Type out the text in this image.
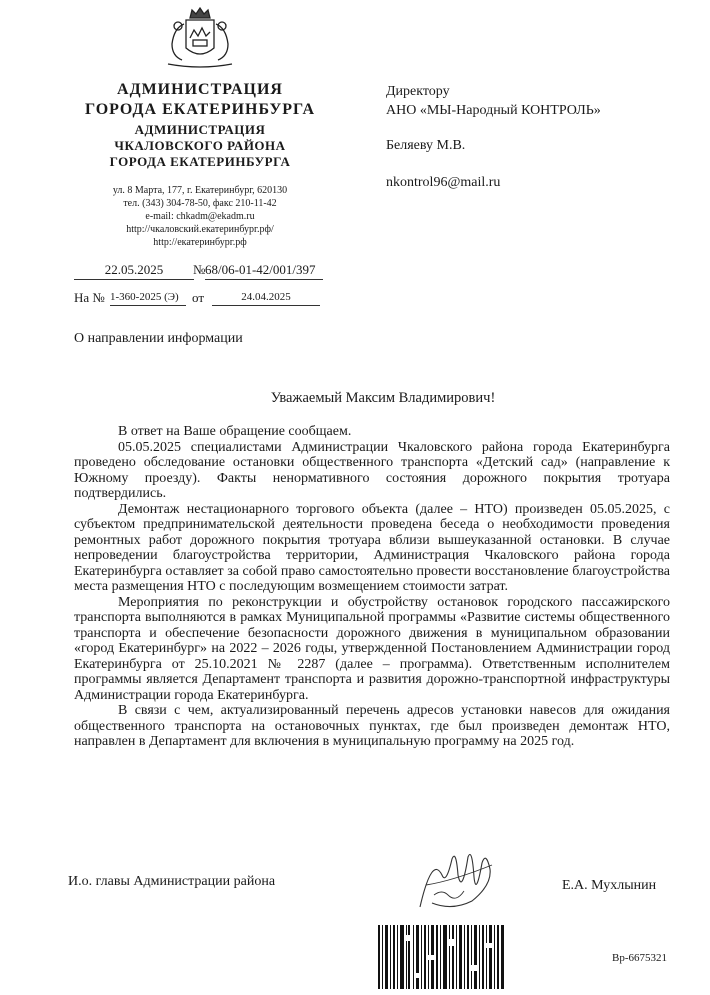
АДМИНИСТРАЦИЯ
ГОРОДА ЕКАТЕРИНБУРГА
АДМИНИСТРАЦИЯ
ЧКАЛОВСКОГО РАЙОНА
ГОРОДА ЕКАТЕРИНБУРГА
ул. 8 Марта, 177, г. Екатеринбург, 620130
тел. (343) 304-78-50, факс 210-11-42
e-mail: chkadm@ekadm.ru
http://чкаловский.екатеринбург.рф/
http://екатеринбург.рф
Директору
АНО «МЫ-Народный КОНТРОЛЬ»
Беляеву М.В.
nkontrol96@mail.ru
22.05.2025	№ 68/06-01-42/001/397
На № 1-360-2025 (Э)	от	24.04.2025
О направлении информации
Уважаемый Максим Владимирович!

В ответ на Ваше обращение сообщаем.

05.05.2025 специалистами Администрации Чкаловского района города Екатеринбурга проведено обследование остановки общественного транспорта «Детский сад» (направление к Южному проезду). Факты ненормативного состояния дорожного покрытия тротуара подтвердились.

Демонтаж нестационарного торгового объекта (далее – НТО) произведен 05.05.2025, с субъектом предпринимательской деятельности проведена беседа о необходимости проведения ремонтных работ дорожного покрытия тротуара вблизи вышеуказанной остановки. В случае непроведении благоустройства территории, Администрация Чкаловского района города Екатеринбурга оставляет за собой право самостоятельно провести восстановление благоустройства места размещения НТО с последующим возмещением стоимости затрат.

Мероприятия по реконструкции и обустройству остановок городского пассажирского транспорта выполняются в рамках Муниципальной программы «Развитие системы общественного транспорта и обеспечение безопасности дорожного движения в муниципальном образовании «город Екатеринбург» на 2022 – 2026 годы, утвержденной Постановлением Администрации город Екатеринбурга от 25.10.2021 № 2287 (далее – программа). Ответственным исполнителем программы является Департамент транспорта и развития дорожно-транспортной инфраструктуры Администрации города Екатеринбурга.

В связи с чем, актуализированный перечень адресов установки навесов для ожидания общественного транспорта на остановочных пунктах, где был произведен демонтаж НТО, направлен в Департамент для включения в муниципальную программу на 2025 год.

И.о. главы Администрации района	Е.А. Мухлынин
Вр-6675321
